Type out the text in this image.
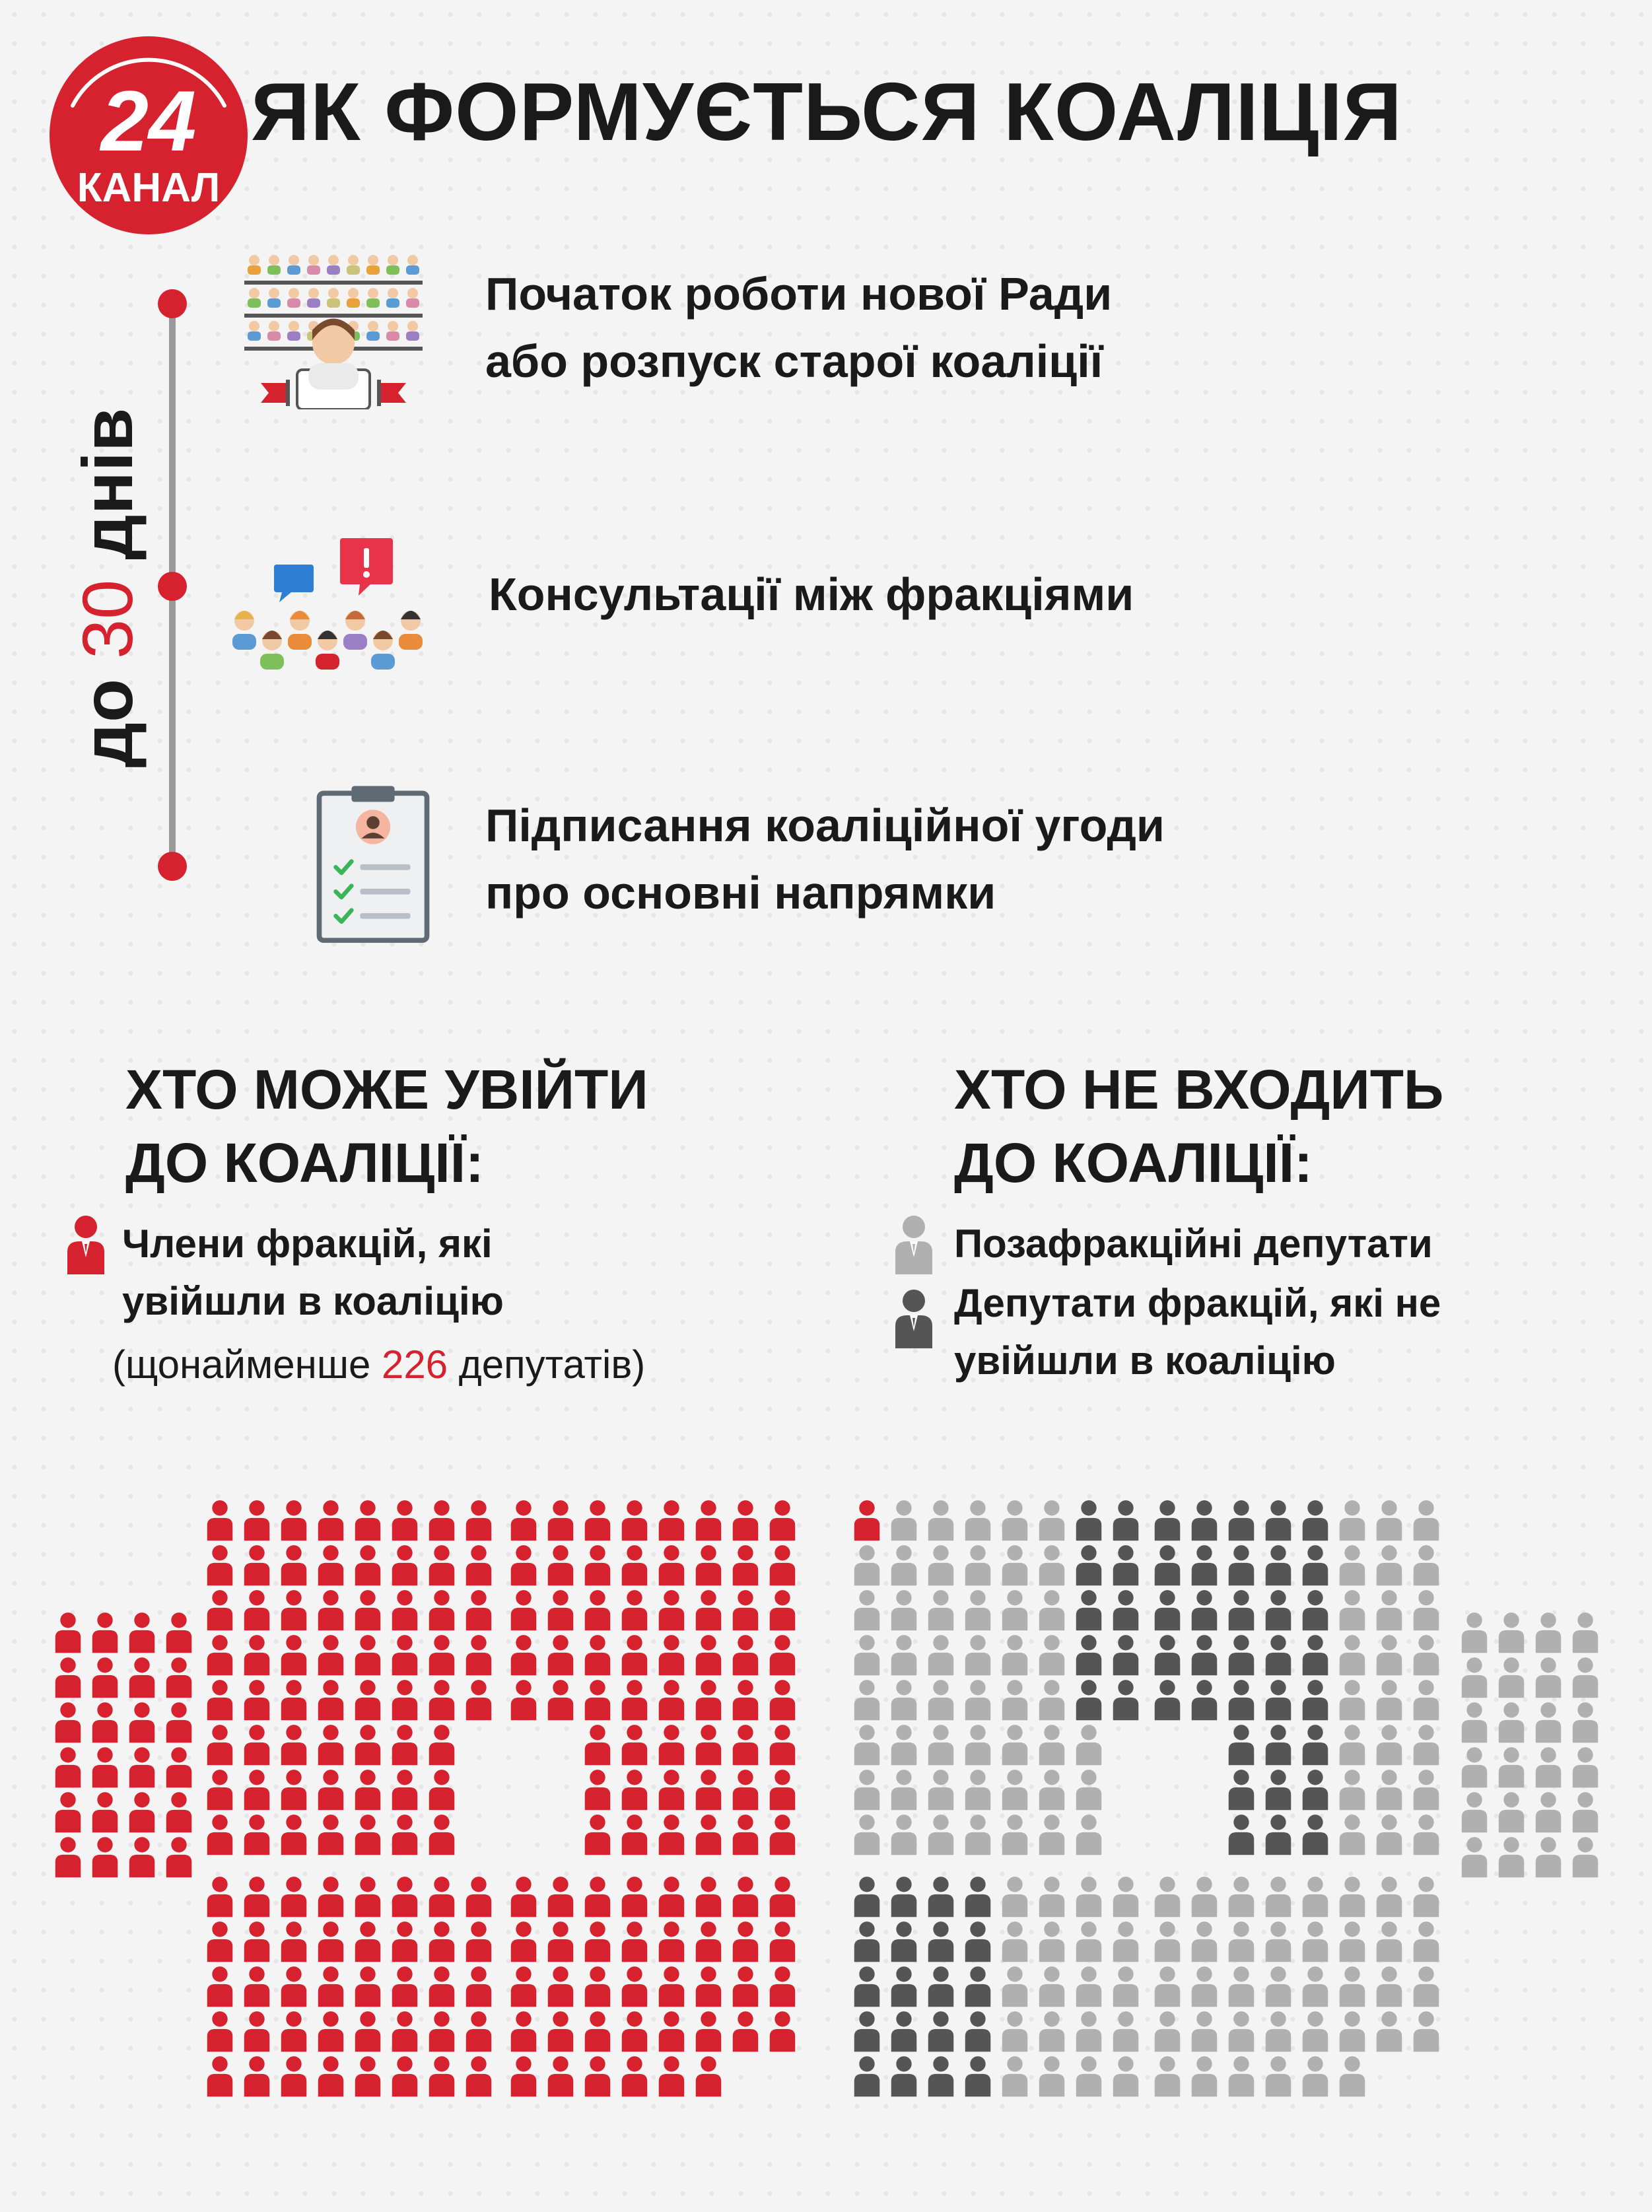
24
КАНАЛ
ЯК ФОРМУЄТЬСЯ КОАЛІЦІЯ
до 30 днів
Початок роботи нової Ради
або розпуск старої коаліції
Консультації між фракціями
Підписання коаліційної угоди
про основні напрямки
ХТО МОЖЕ УВІЙТИ
ДО КОАЛІЦІЇ:
Члени фракцій, які
увійшли в коаліцію
(щонайменше 226 депутатів)
ХТО НЕ ВХОДИТЬ
ДО КОАЛІЦІЇ:
Позафракційні депутати
Депутати фракцій, які не
увійшли в коаліцію
